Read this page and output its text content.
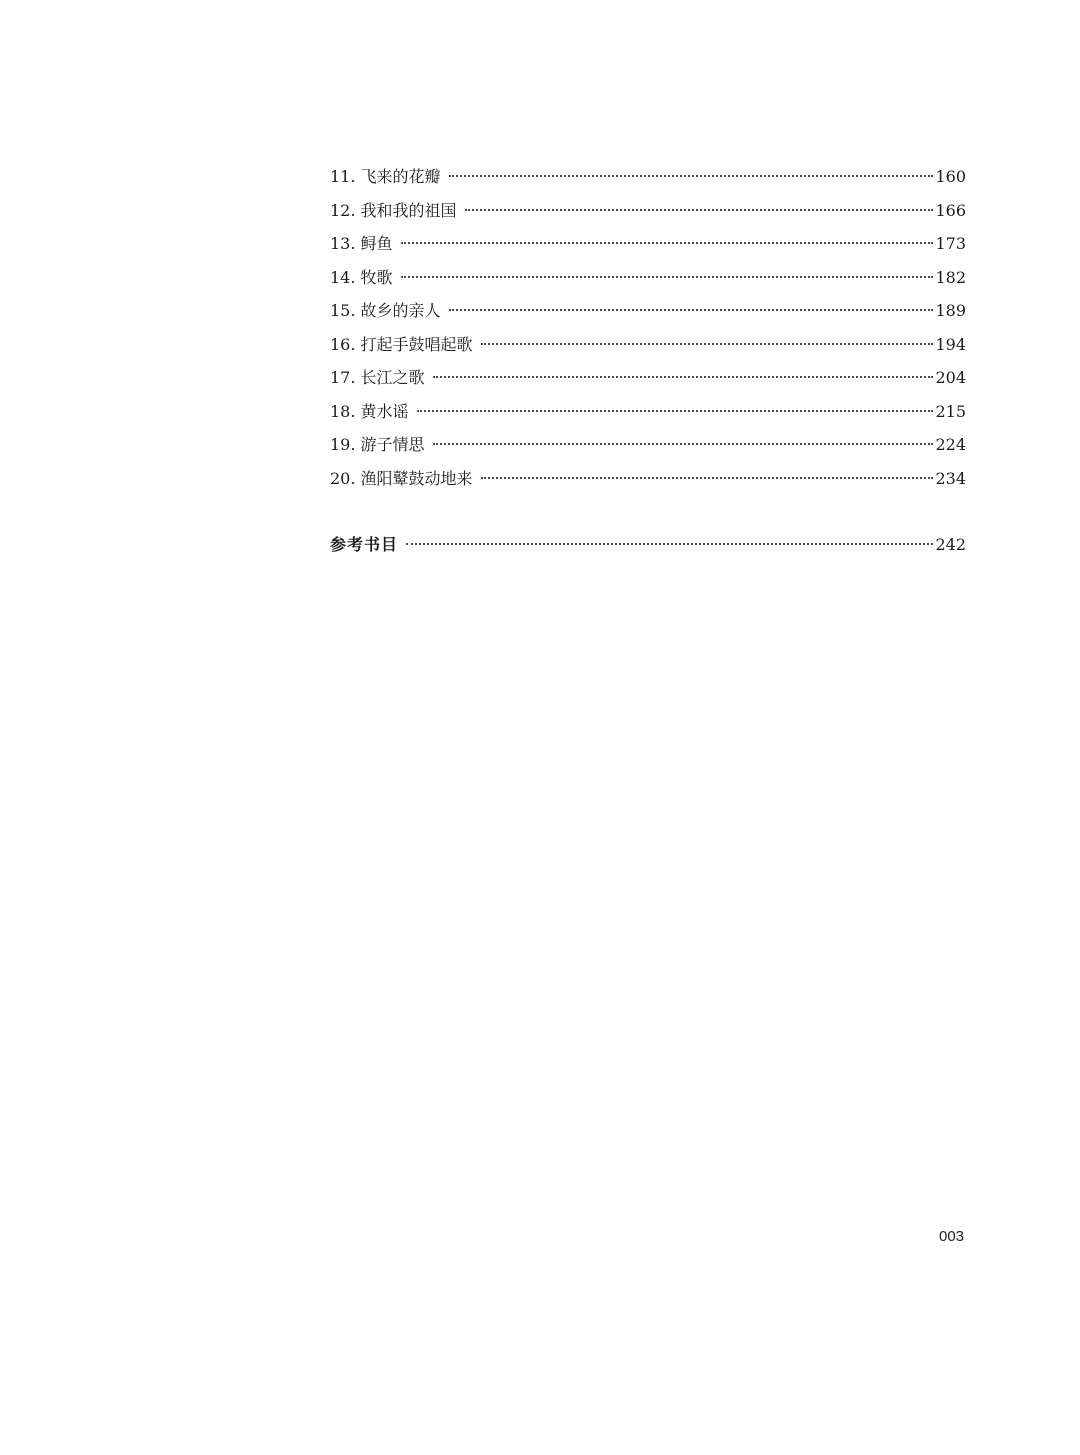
11. 飞来的花瓣	160
12. 我和我的祖国	166
13. 鲟鱼	173
14. 牧歌	182
15. 故乡的亲人	189
16. 打起手鼓唱起歌	194
17. 长江之歌	204
18. 黄水谣	215
19. 游子情思	224
20. 渔阳鼙鼓动地来	234
参考书目	242
003
